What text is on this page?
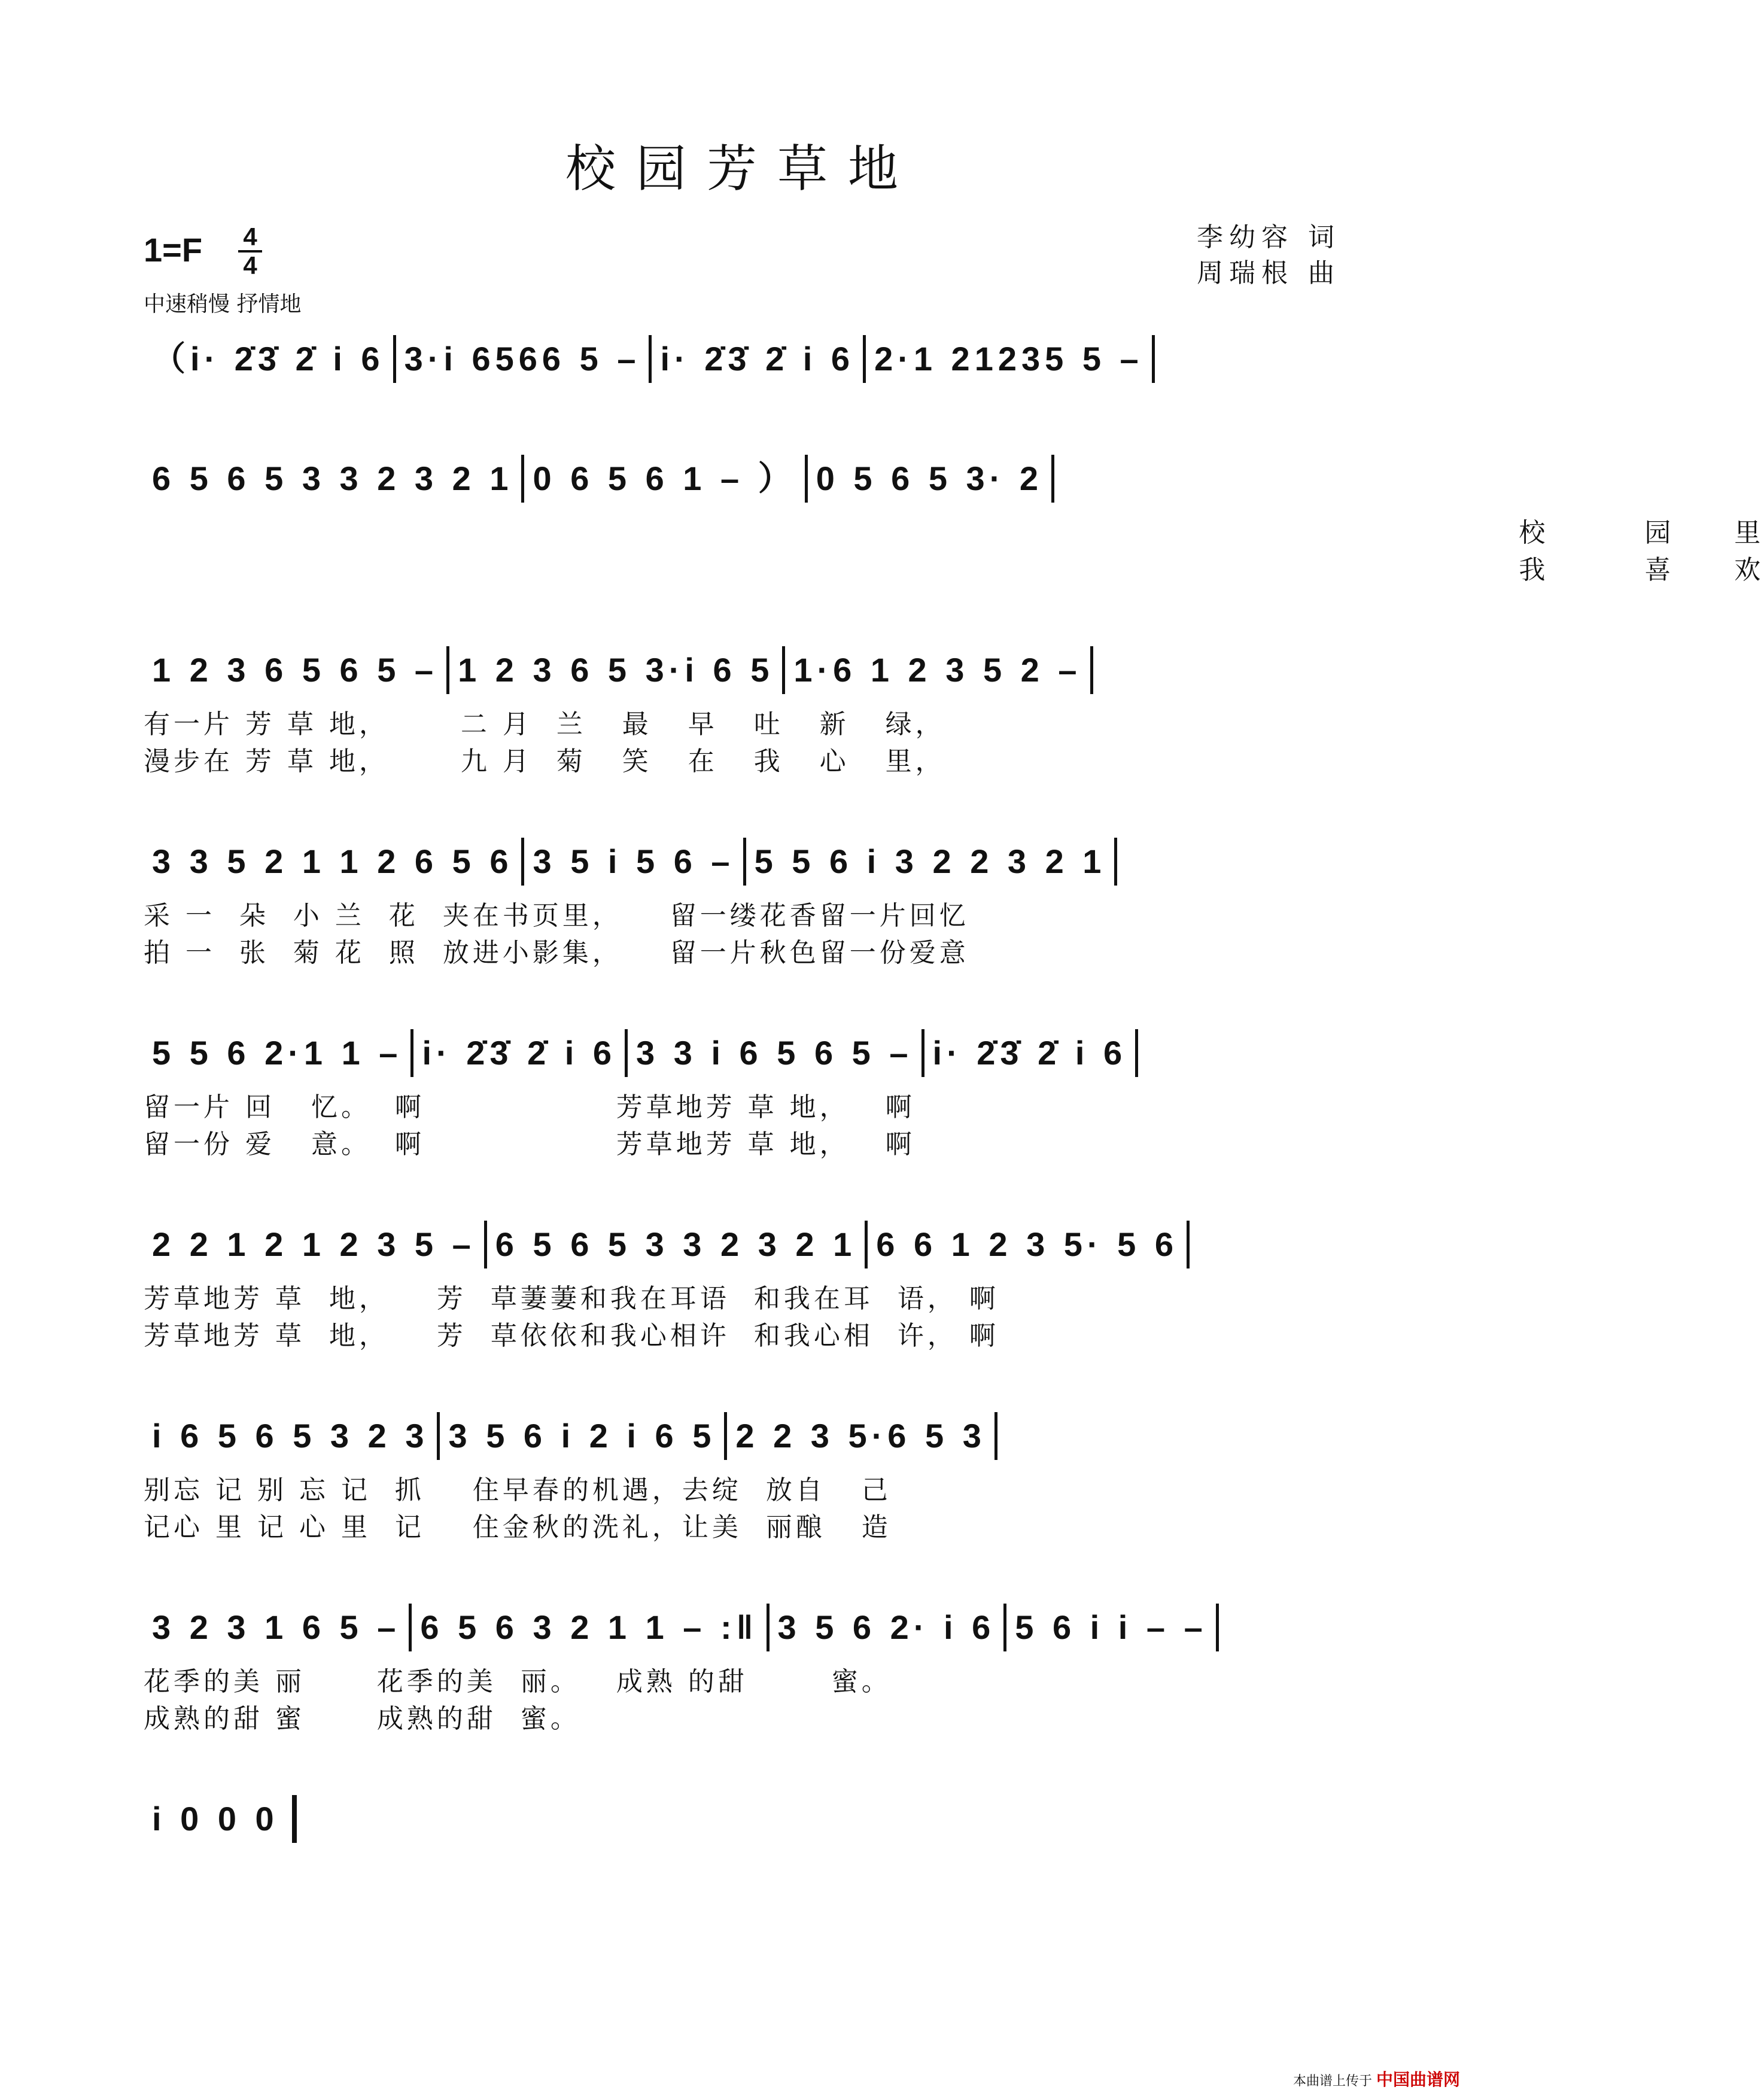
校园芳草地
1=F 4
4
中速稍慢 抒情地
李幼容 词
周瑞根 曲
（i· 2̇3̇ 2̇ i 6 3·i 6566 5 – i· 2̇3̇ 2̇ i 6 2·1 21235 5 –
6 5 6 5 3 3 2 3 2 1 0 6 5 6 1 – ） 0 5 6 5 3· 2
校        园     里
我        喜     欢
1 2 3 6 5 6 5 – 1 2 3 6 5 3·i 6 5 1·6 1 2 3 5 2 –
有一片 芳 草 地，      二 月  兰   最   早   吐   新   绿，
漫步在 芳 草 地，      九 月  菊   笑   在   我   心   里，
3 3 5 2 1 1 2 6 5 6 3 5 i 5 6 – 5 5 6 i 3 2 2 3 2 1
采 一  朵  小 兰  花  夹在书页里，    留一缕花香留一片回忆
拍 一  张  菊 花  照  放进小影集，    留一片秋色留一份爱意
5 5 6 2·1 1 – i· 2̇3̇ 2̇ i 6 3 3 i 6 5 6 5 – i· 2̇3̇ 2̇ i 6
留一片 回   忆。  啊                芳草地芳 草 地，   啊
留一份 爱   意。  啊                芳草地芳 草 地，   啊
2 2 1 2 1 2 3 5 – 6 5 6 5 3 3 2 3 2 1 6 6 1 2 3 5· 5 6
芳草地芳 草  地，    芳  草萋萋和我在耳语  和我在耳  语， 啊
芳草地芳 草  地，    芳  草依依和我心相许  和我心相  许， 啊
i 6 5 6 5 3 2 3 3 5 6 i 2 i 6 5 2 2 3 5·6 5 3
别忘 记 别 忘 记  抓    住早春的机遇，去绽  放自   己
记心 里 记 心 里  记    住金秋的洗礼，让美  丽酿   造
3 2 3 1 6 5 – 6 5 6 3 2 1 1 – :‖ 3 5 6 2· i 6 5 6 i i – –
花季的美 丽      花季的美  丽。   成熟 的甜       蜜。
成熟的甜 蜜      成熟的甜  蜜。
i 0 0 0
本曲谱上传于 中国曲谱网
